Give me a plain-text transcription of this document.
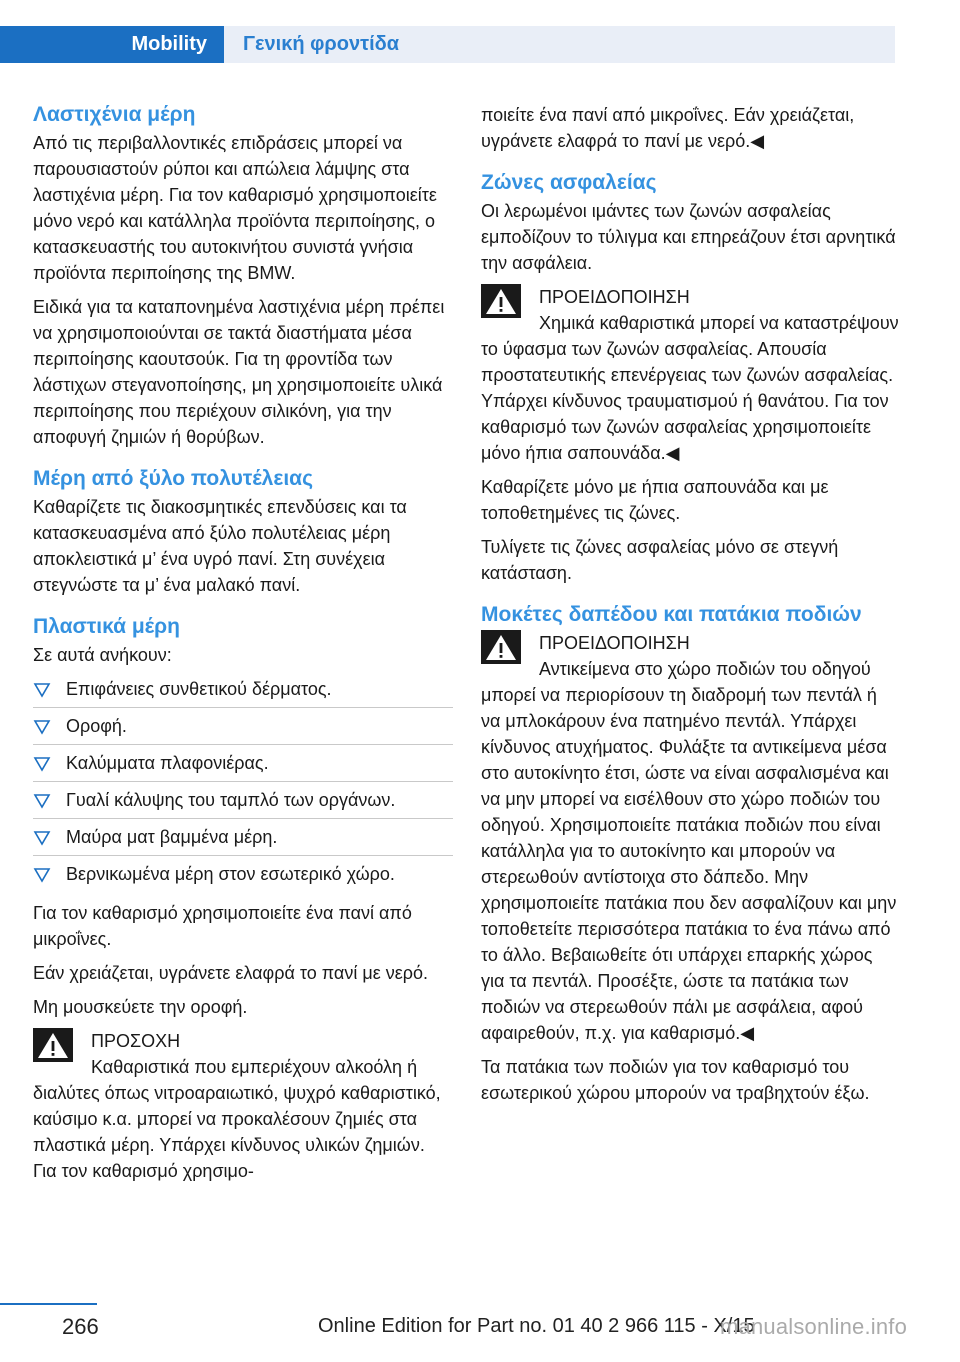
Mobility	Γενική φροντίδα
Λαστιχένια μέρη

Από τις περιβαλλοντικές επιδράσεις μπορεί να παρουσιαστούν ρύποι και απώλεια λάμψης στα λαστιχένια μέρη. Για τον καθαρισμό χρησιμοποιείτε μόνο νερό και κατάλληλα προϊόντα περιποίησης, ο κατασκευαστής του αυτοκινήτου συνιστά γνήσια προϊόντα περιποίησης της BMW.

Ειδικά για τα καταπονημένα λαστιχένια μέρη πρέπει να χρησιμοποιούνται σε τακτά διαστήματα μέσα περιποίησης καουτσούκ. Για τη φροντίδα των λάστιχων στεγανοποίησης, μη χρησιμοποιείτε υλικά περιποίησης που περιέχουν σιλικόνη, για την αποφυγή ζημιών ή θορύβων.

Μέρη από ξύλο πολυτέλειας

Καθαρίζετε τις διακοσμητικές επενδύσεις και τα κατασκευασμένα από ξύλο πολυτέλειας μέρη αποκλειστικά μ’ ένα υγρό πανί. Στη συνέχεια στεγνώστε τα μ’ ένα μαλακό πανί.

Πλαστικά μέρη

Σε αυτά ανήκουν:

Επιφάνειες συνθετικού δέρματος.
Οροφή.
Καλύμματα πλαφονιέρας.
Γυαλί κάλυψης του ταμπλό των οργάνων.
Μαύρα ματ βαμμένα μέρη.
Βερνικωμένα μέρη στον εσωτερικό χώρο.

Για τον καθαρισμό χρησιμοποιείτε ένα πανί από μικροΐνες.

Εάν χρειάζεται, υγράνετε ελαφρά το πανί με νερό.

Μη μουσκεύετε την οροφή.

ΠΡΟΣΟΧΗ
Καθαριστικά που εμπεριέχουν αλκοόλη ή διαλύτες όπως νιτροαραιωτικό, ψυχρό καθαριστικό, καύσιμο κ.α. μπορεί να προκαλέσουν ζημιές στα πλαστικά μέρη. Υπάρχει κίνδυνος υλικών ζημιών. Για τον καθαρισμό χρησιμο-

ποιείτε ένα πανί από μικροΐνες. Εάν χρειάζεται, υγράνετε ελαφρά το πανί με νερό.◀

Ζώνες ασφαλείας

Οι λερωμένοι ιμάντες των ζωνών ασφαλείας εμποδίζουν το τύλιγμα και επηρεάζουν έτσι αρνητικά την ασφάλεια.

ΠΡΟΕΙΔΟΠΟΙΗΣΗ
Χημικά καθαριστικά μπορεί να καταστρέψουν το ύφασμα των ζωνών ασφαλείας. Απουσία προστατευτικής επενέργειας των ζωνών ασφαλείας. Υπάρχει κίνδυνος τραυματισμού ή θανάτου. Για τον καθαρισμό των ζωνών ασφαλείας χρησιμοποιείτε μόνο ήπια σαπουνάδα.◀

Καθαρίζετε μόνο με ήπια σαπουνάδα και με τοποθετημένες τις ζώνες.

Τυλίγετε τις ζώνες ασφαλείας μόνο σε στεγνή κατάσταση.

Μοκέτες δαπέδου και πατάκια ποδιών
ΠΡΟΕΙΔΟΠΟΙΗΣΗ
Αντικείμενα στο χώρο ποδιών του οδηγού μπορεί να περιορίσουν τη διαδρομή των πεντάλ ή να μπλοκάρουν ένα πατημένο πεντάλ. Υπάρχει κίνδυνος ατυχήματος. Φυλάξτε τα αντικείμενα μέσα στο αυτοκίνητο έτσι, ώστε να είναι ασφαλισμένα και να μην μπορεί να εισέλθουν στο χώρο ποδιών του οδηγού. Χρησιμοποιείτε πατάκια ποδιών που είναι κατάλληλα για το αυτοκίνητο και μπορούν να στερεωθούν αντίστοιχα στο δάπεδο. Μην χρησιμοποιείτε πατάκια που δεν ασφαλίζουν και μην τοποθετείτε περισσότερα πατάκια το ένα πάνω από το άλλο. Βεβαιωθείτε ότι υπάρχει επαρκής χώρος για τα πεντάλ. Προσέξτε, ώστε τα πατάκια των ποδιών να στερεωθούν πάλι με ασφάλεια, αφού αφαιρεθούν, π.χ. για καθαρισμό.◀

Τα πατάκια των ποδιών για τον καθαρισμό του εσωτερικού χώρου μπορούν να τραβηχτούν έξω.

266	Online Edition for Part no. 01 40 2 966 115 - X/15
manualsonline.info
